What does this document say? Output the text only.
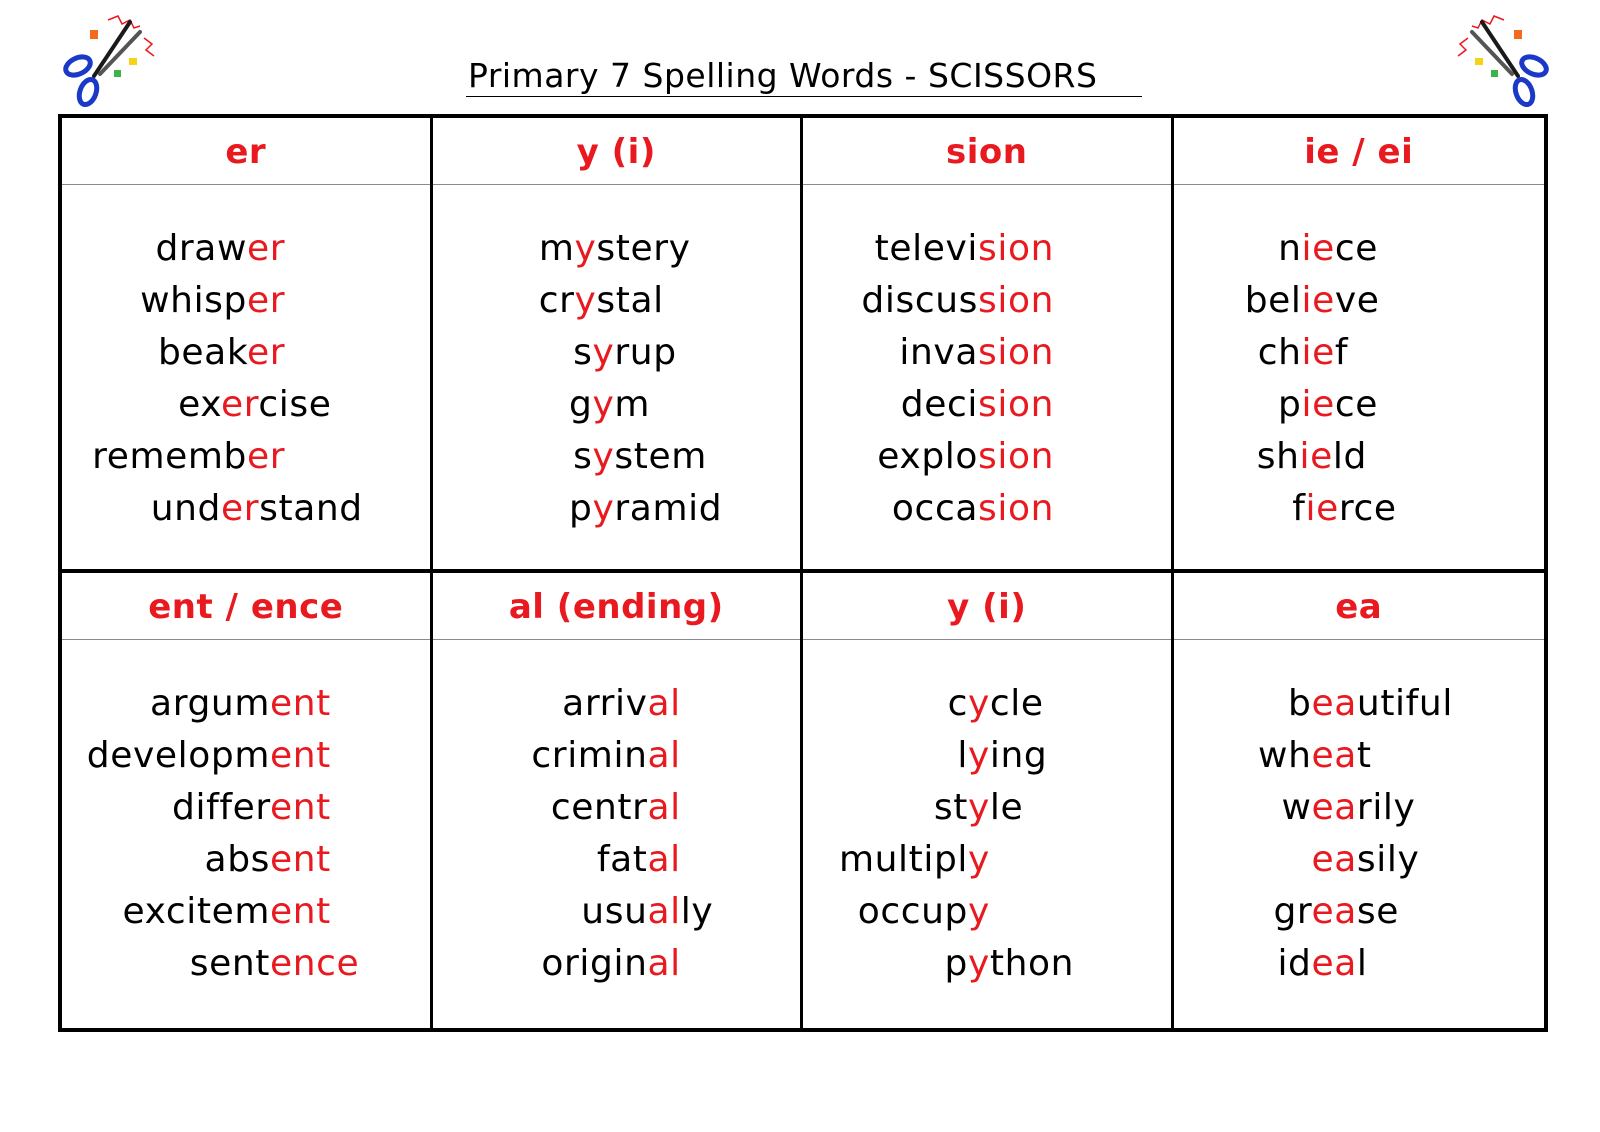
Primary 7 Spelling Words - SCISSORS
er
drawer
whisper
beaker
exercise
remember
understand
y (i)
mystery
crystal
syrup
gym
system
pyramid
sion
television
discussion
invasion
decision
explosion
occasion
ie / ei
niece
believe
chief
piece
shield
fierce
ent / ence
argument
development
different
absent
excitement
sentence
al (ending)
arrival
criminal
central
fatal
usually
original
y (i)
cycle
lying
style
multiply
occupy
python
ea
beautiful
wheat
wearily
easily
grease
ideal
